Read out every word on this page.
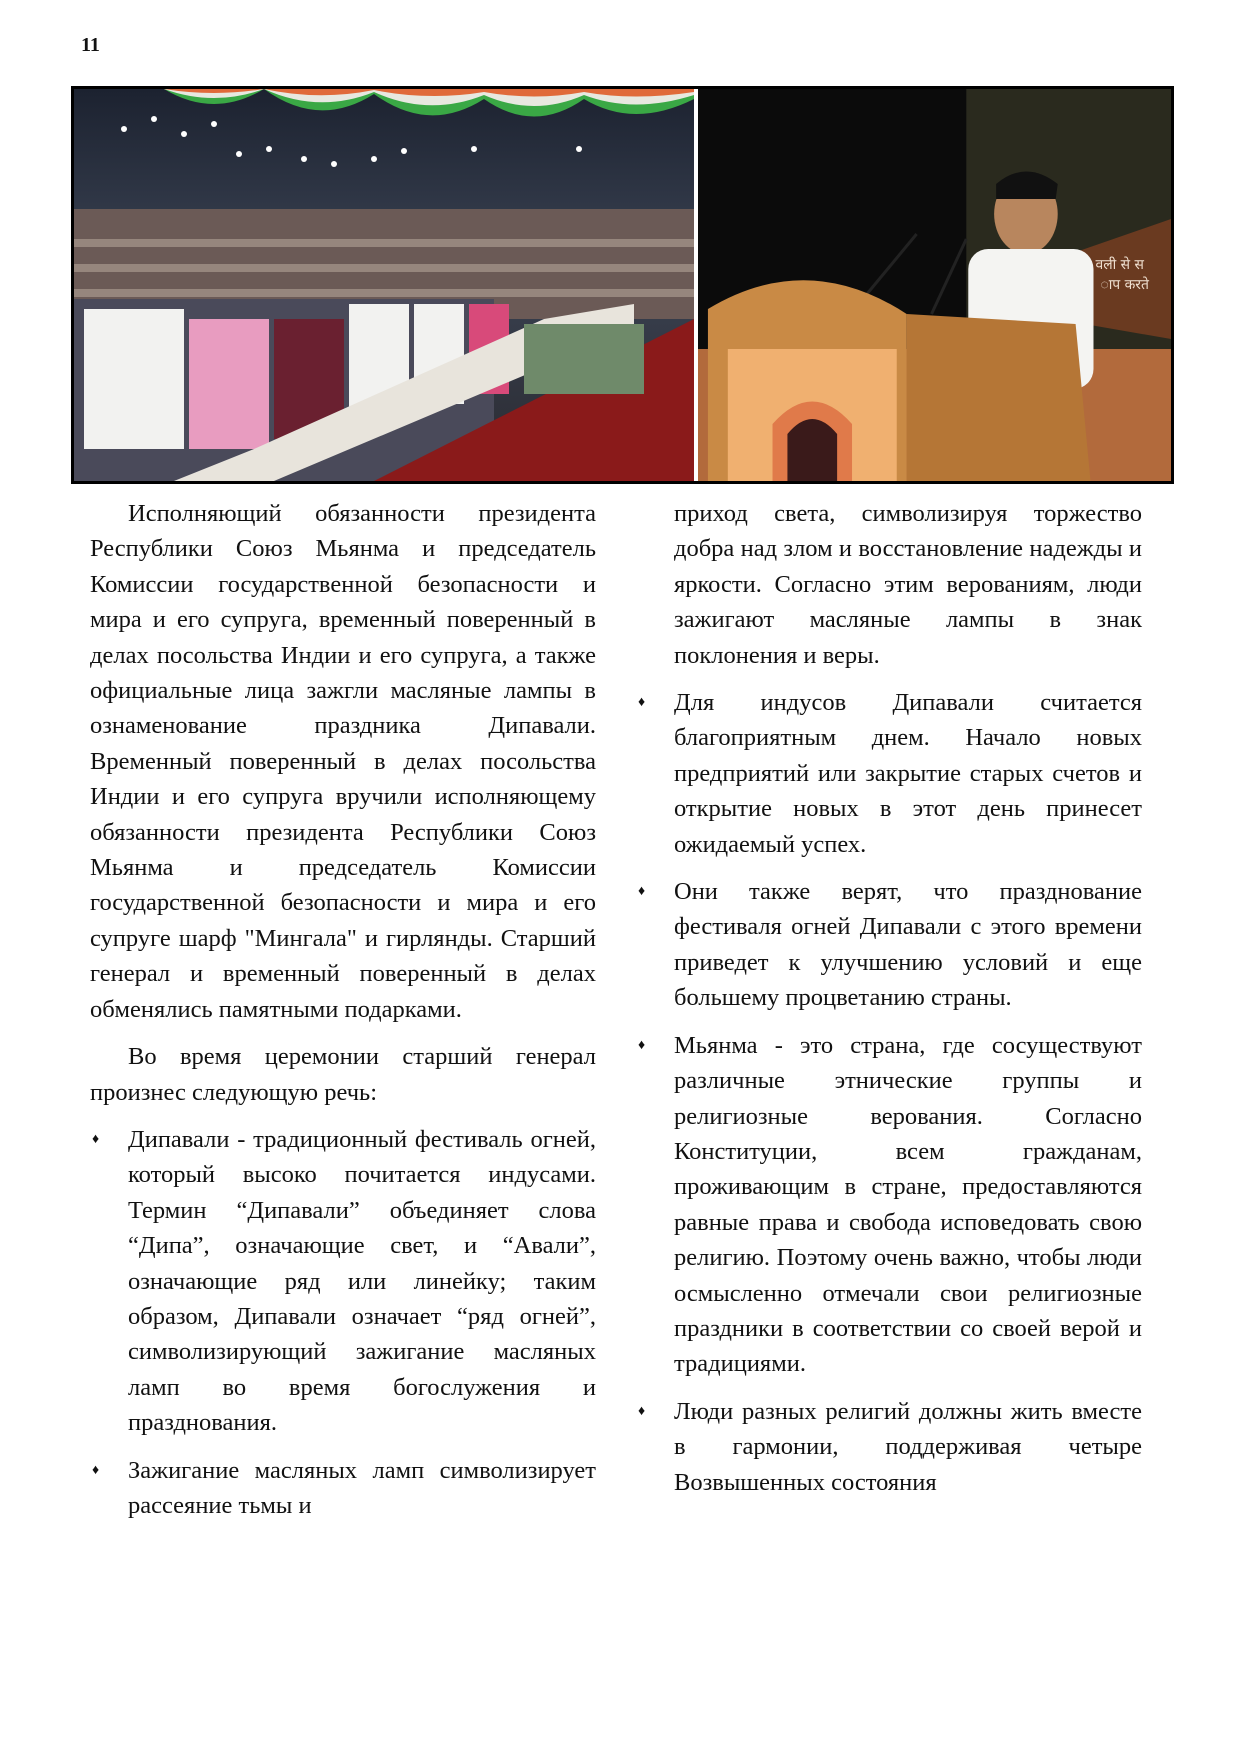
11
वली से स
ाप करते

Исполняющий обязанности президента Республики Союз Мьянма и председатель Комиссии государственной безопасности и мира и его супруга, временный поверенный в делах посольства Индии и его супруга, а также официальные лица зажгли масляные лампы в ознаменование праздника Дипавали. Временный поверенный в делах посольства Индии и его супруга вручили исполняющему обязанности президента Республики Союз Мьянма и председатель Комиссии государственной безопасности и мира и его супруге шарф "Мингала" и гирлянды. Старший генерал и временный поверенный в делах обменялись памятными подарками.

Во время церемонии старший генерал произнес следующую речь:

♦ Дипавали - традиционный фестиваль огней, который высоко почитается индусами. Термин “Дипавали” объединяет слова “Дипа”, означающие свет, и “Авали”, означающие ряд или линейку; таким образом, Дипавали означает “ряд огней”, символизирующий зажигание масляных ламп во время богослужения и празднования.
♦ Зажигание масляных ламп символизирует рассеяние тьмы и
приход света, символизируя торжество добра над злом и восстановление надежды и яркости. Согласно этим верованиям, люди зажигают масляные лампы в знак поклонения и веры.
♦ Для индусов Дипавали считается благоприятным днем. Начало новых предприятий или закрытие старых счетов и открытие новых в этот день принесет ожидаемый успех.
♦ Они также верят, что празднование фестиваля огней Дипавали с этого времени приведет к улучшению условий и еще большему процветанию страны.
♦ Мьянма - это страна, где сосуществуют различные этнические группы и религиозные верования. Согласно Конституции, всем гражданам, проживающим в стране, предоставляются равные права и свобода исповедовать свою религию. Поэтому очень важно, чтобы люди осмысленно отмечали свои религиозные праздники в соответствии со своей верой и традициями.
♦ Люди разных религий должны жить вместе в гармонии, поддерживая четыре Возвышенных состояния
